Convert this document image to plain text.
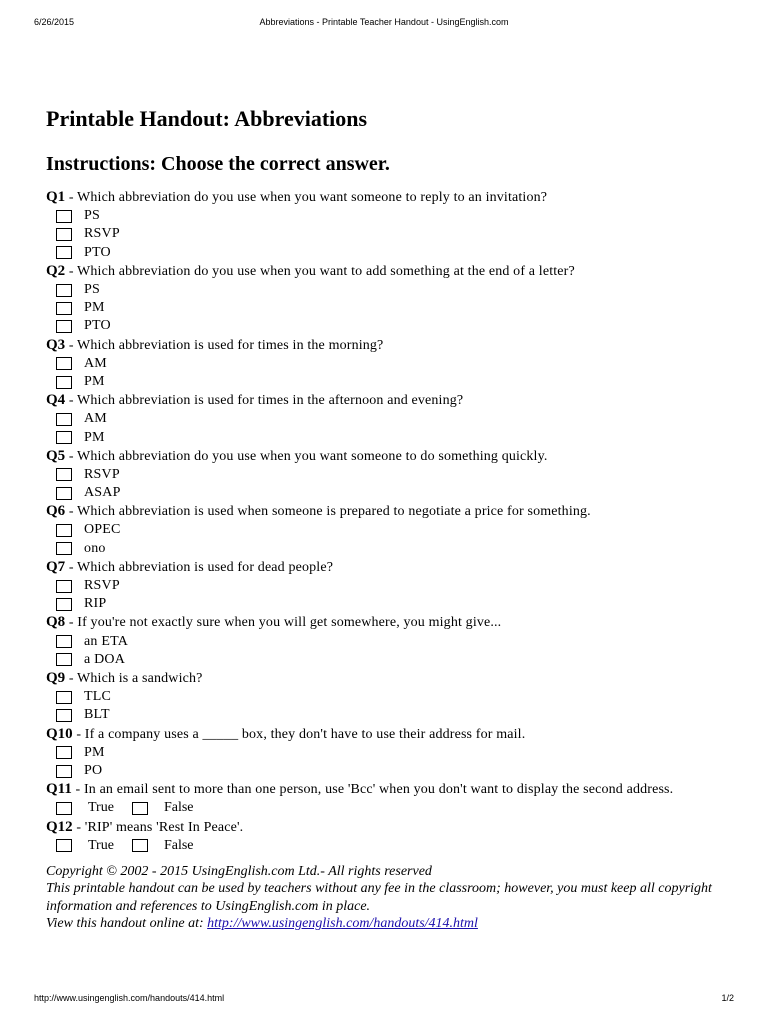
6/26/2015	Abbreviations - Printable Teacher Handout - UsingEnglish.com
Printable Handout: Abbreviations
Instructions: Choose the correct answer.
Q1 - Which abbreviation do you use when you want someone to reply to an invitation?
PS
RSVP
PTO
Q2 - Which abbreviation do you use when you want to add something at the end of a letter?
PS
PM
PTO
Q3 - Which abbreviation is used for times in the morning?
AM
PM
Q4 - Which abbreviation is used for times in the afternoon and evening?
AM
PM
Q5 - Which abbreviation do you use when you want someone to do something quickly.
RSVP
ASAP
Q6 - Which abbreviation is used when someone is prepared to negotiate a price for something.
OPEC
ono
Q7 - Which abbreviation is used for dead people?
RSVP
RIP
Q8 - If you're not exactly sure when you will get somewhere, you might give...
an ETA
a DOA
Q9 - Which is a sandwich?
TLC
BLT
Q10 - If a company uses a _____ box, they don't have to use their address for mail.
PM
PO
Q11 - In an email sent to more than one person, use 'Bcc' when you don't want to display the second address.
True	False
Q12 - 'RIP' means 'Rest In Peace'.
True	False
Copyright © 2002 - 2015 UsingEnglish.com Ltd.- All rights reserved
This printable handout can be used by teachers without any fee in the classroom; however, you must keep all copyright information and references to UsingEnglish.com in place.
View this handout online at: http://www.usingenglish.com/handouts/414.html
http://www.usingenglish.com/handouts/414.html	1/2
